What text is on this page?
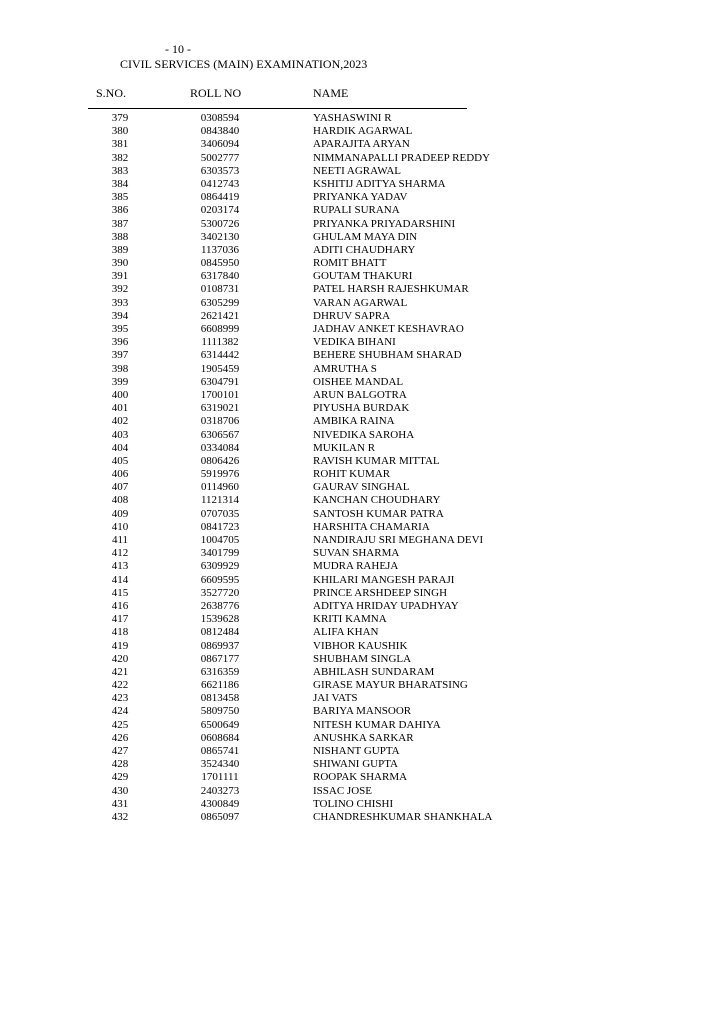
- 10 -
CIVIL SERVICES (MAIN) EXAMINATION,2023
S.NO.	ROLL NO	NAME
379	0308594	YASHASWINI R
380	0843840	HARDIK AGARWAL
381	3406094	APARAJITA ARYAN
382	5002777	NIMMANAPALLI PRADEEP REDDY
383	6303573	NEETI AGRAWAL
384	0412743	KSHITIJ ADITYA SHARMA
385	0864419	PRIYANKA YADAV
386	0203174	RUPALI SURANA
387	5300726	PRIYANKA PRIYADARSHINI
388	3402130	GHULAM MAYA DIN
389	1137036	ADITI CHAUDHARY
390	0845950	ROMIT BHATT
391	6317840	GOUTAM THAKURI
392	0108731	PATEL HARSH RAJESHKUMAR
393	6305299	VARAN AGARWAL
394	2621421	DHRUV SAPRA
395	6608999	JADHAV ANKET KESHAVRAO
396	1111382	VEDIKA BIHANI
397	6314442	BEHERE SHUBHAM SHARAD
398	1905459	AMRUTHA S
399	6304791	OISHEE MANDAL
400	1700101	ARUN BALGOTRA
401	6319021	PIYUSHA BURDAK
402	0318706	AMBIKA RAINA
403	6306567	NIVEDIKA SAROHA
404	0334084	MUKILAN R
405	0806426	RAVISH KUMAR MITTAL
406	5919976	ROHIT KUMAR
407	0114960	GAURAV SINGHAL
408	1121314	KANCHAN CHOUDHARY
409	0707035	SANTOSH KUMAR PATRA
410	0841723	HARSHITA CHAMARIA
411	1004705	NANDIRAJU SRI MEGHANA DEVI
412	3401799	SUVAN SHARMA
413	6309929	MUDRA RAHEJA
414	6609595	KHILARI MANGESH PARAJI
415	3527720	PRINCE ARSHDEEP SINGH
416	2638776	ADITYA HRIDAY UPADHYAY
417	1539628	KRITI KAMNA
418	0812484	ALIFA KHAN
419	0869937	VIBHOR KAUSHIK
420	0867177	SHUBHAM SINGLA
421	6316359	ABHILASH SUNDARAM
422	6621186	GIRASE MAYUR BHARATSING
423	0813458	JAI VATS
424	5809750	BARIYA MANSOOR
425	6500649	NITESH KUMAR DAHIYA
426	0608684	ANUSHKA SARKAR
427	0865741	NISHANT GUPTA
428	3524340	SHIWANI GUPTA
429	1701111	ROOPAK SHARMA
430	2403273	ISSAC JOSE
431	4300849	TOLINO CHISHI
432	0865097	CHANDRESHKUMAR SHANKHALA
